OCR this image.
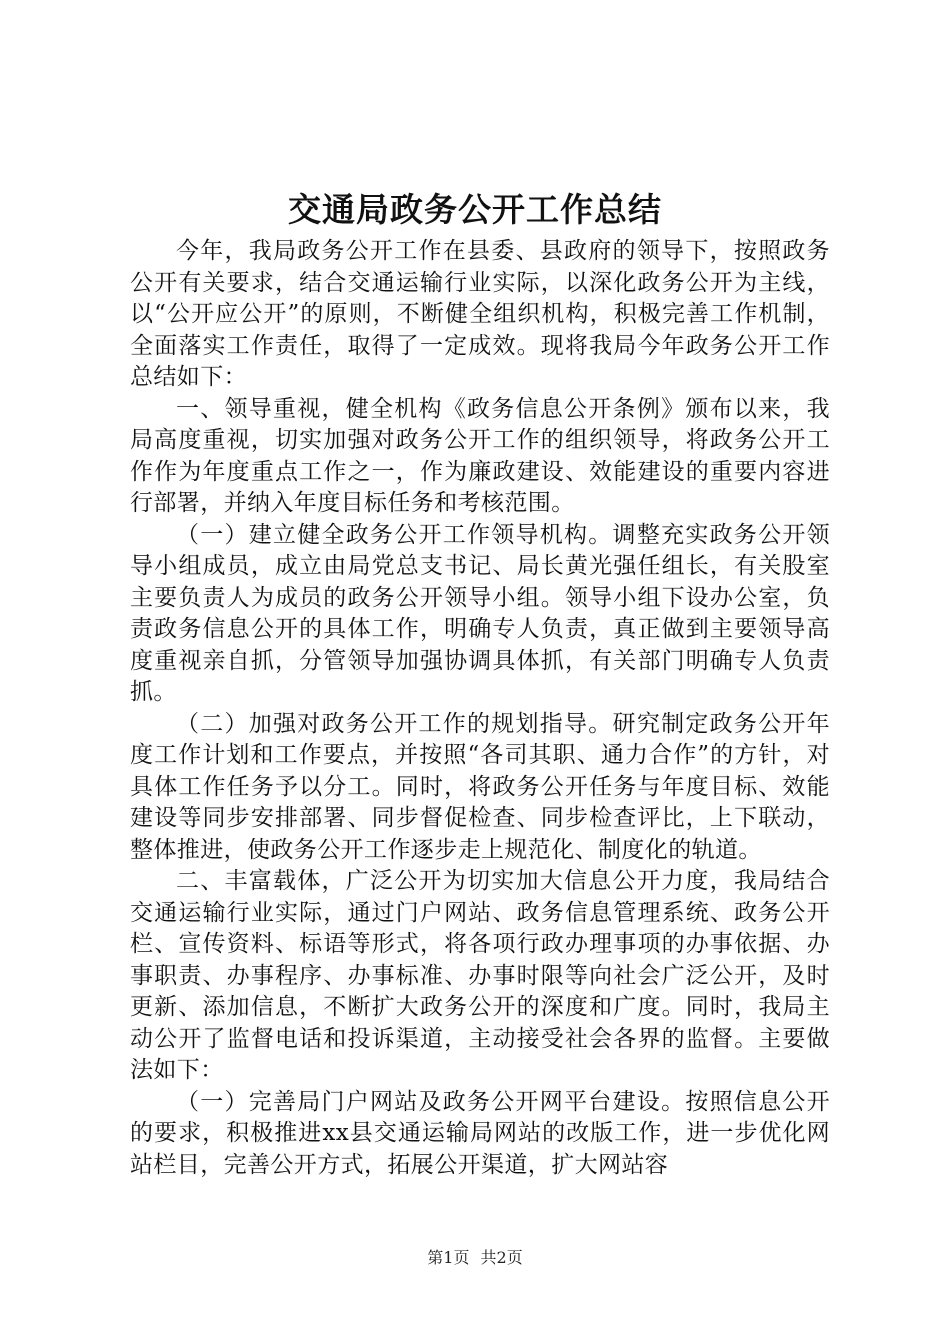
交通局政务公开工作总结

今年，我局政务公开工作在县委、县政府的领导下，按照政务公开有关要求，结合交通运输行业实际，以深化政务公开为主线，以“公开应公开”的原则，不断健全组织机构，积极完善工作机制，全面落实工作责任，取得了一定成效。现将我局今年政务公开工作总结如下：

一、领导重视，健全机构《政务信息公开条例》颁布以来，我局高度重视，切实加强对政务公开工作的组织领导，将政务公开工作作为年度重点工作之一，作为廉政建设、效能建设的重要内容进行部署，并纳入年度目标任务和考核范围。

（一）建立健全政务公开工作领导机构。调整充实政务公开领导小组成员，成立由局党总支书记、局长黄光强任组长，有关股室主要负责人为成员的政务公开领导小组。领导小组下设办公室，负责政务信息公开的具体工作，明确专人负责，真正做到主要领导高度重视亲自抓，分管领导加强协调具体抓，有关部门明确专人负责抓。

（二）加强对政务公开工作的规划指导。研究制定政务公开年度工作计划和工作要点，并按照“各司其职、通力合作”的方针，对具体工作任务予以分工。同时，将政务公开任务与年度目标、效能建设等同步安排部署、同步督促检查、同步检查评比，上下联动，整体推进，使政务公开工作逐步走上规范化、制度化的轨道。

二、丰富载体，广泛公开为切实加大信息公开力度，我局结合交通运输行业实际，通过门户网站、政务信息管理系统、政务公开栏、宣传资料、标语等形式，将各项行政办理事项的办事依据、办事职责、办事程序、办事标准、办事时限等向社会广泛公开，及时更新、添加信息，不断扩大政务公开的深度和广度。同时，我局主动公开了监督电话和投诉渠道，主动接受社会各界的监督。主要做法如下：

（一）完善局门户网站及政务公开网平台建设。按照信息公开的要求，积极推进xx县交通运输局网站的改版工作，进一步优化网站栏目，完善公开方式，拓展公开渠道，扩大网站容

第1页 共2页
